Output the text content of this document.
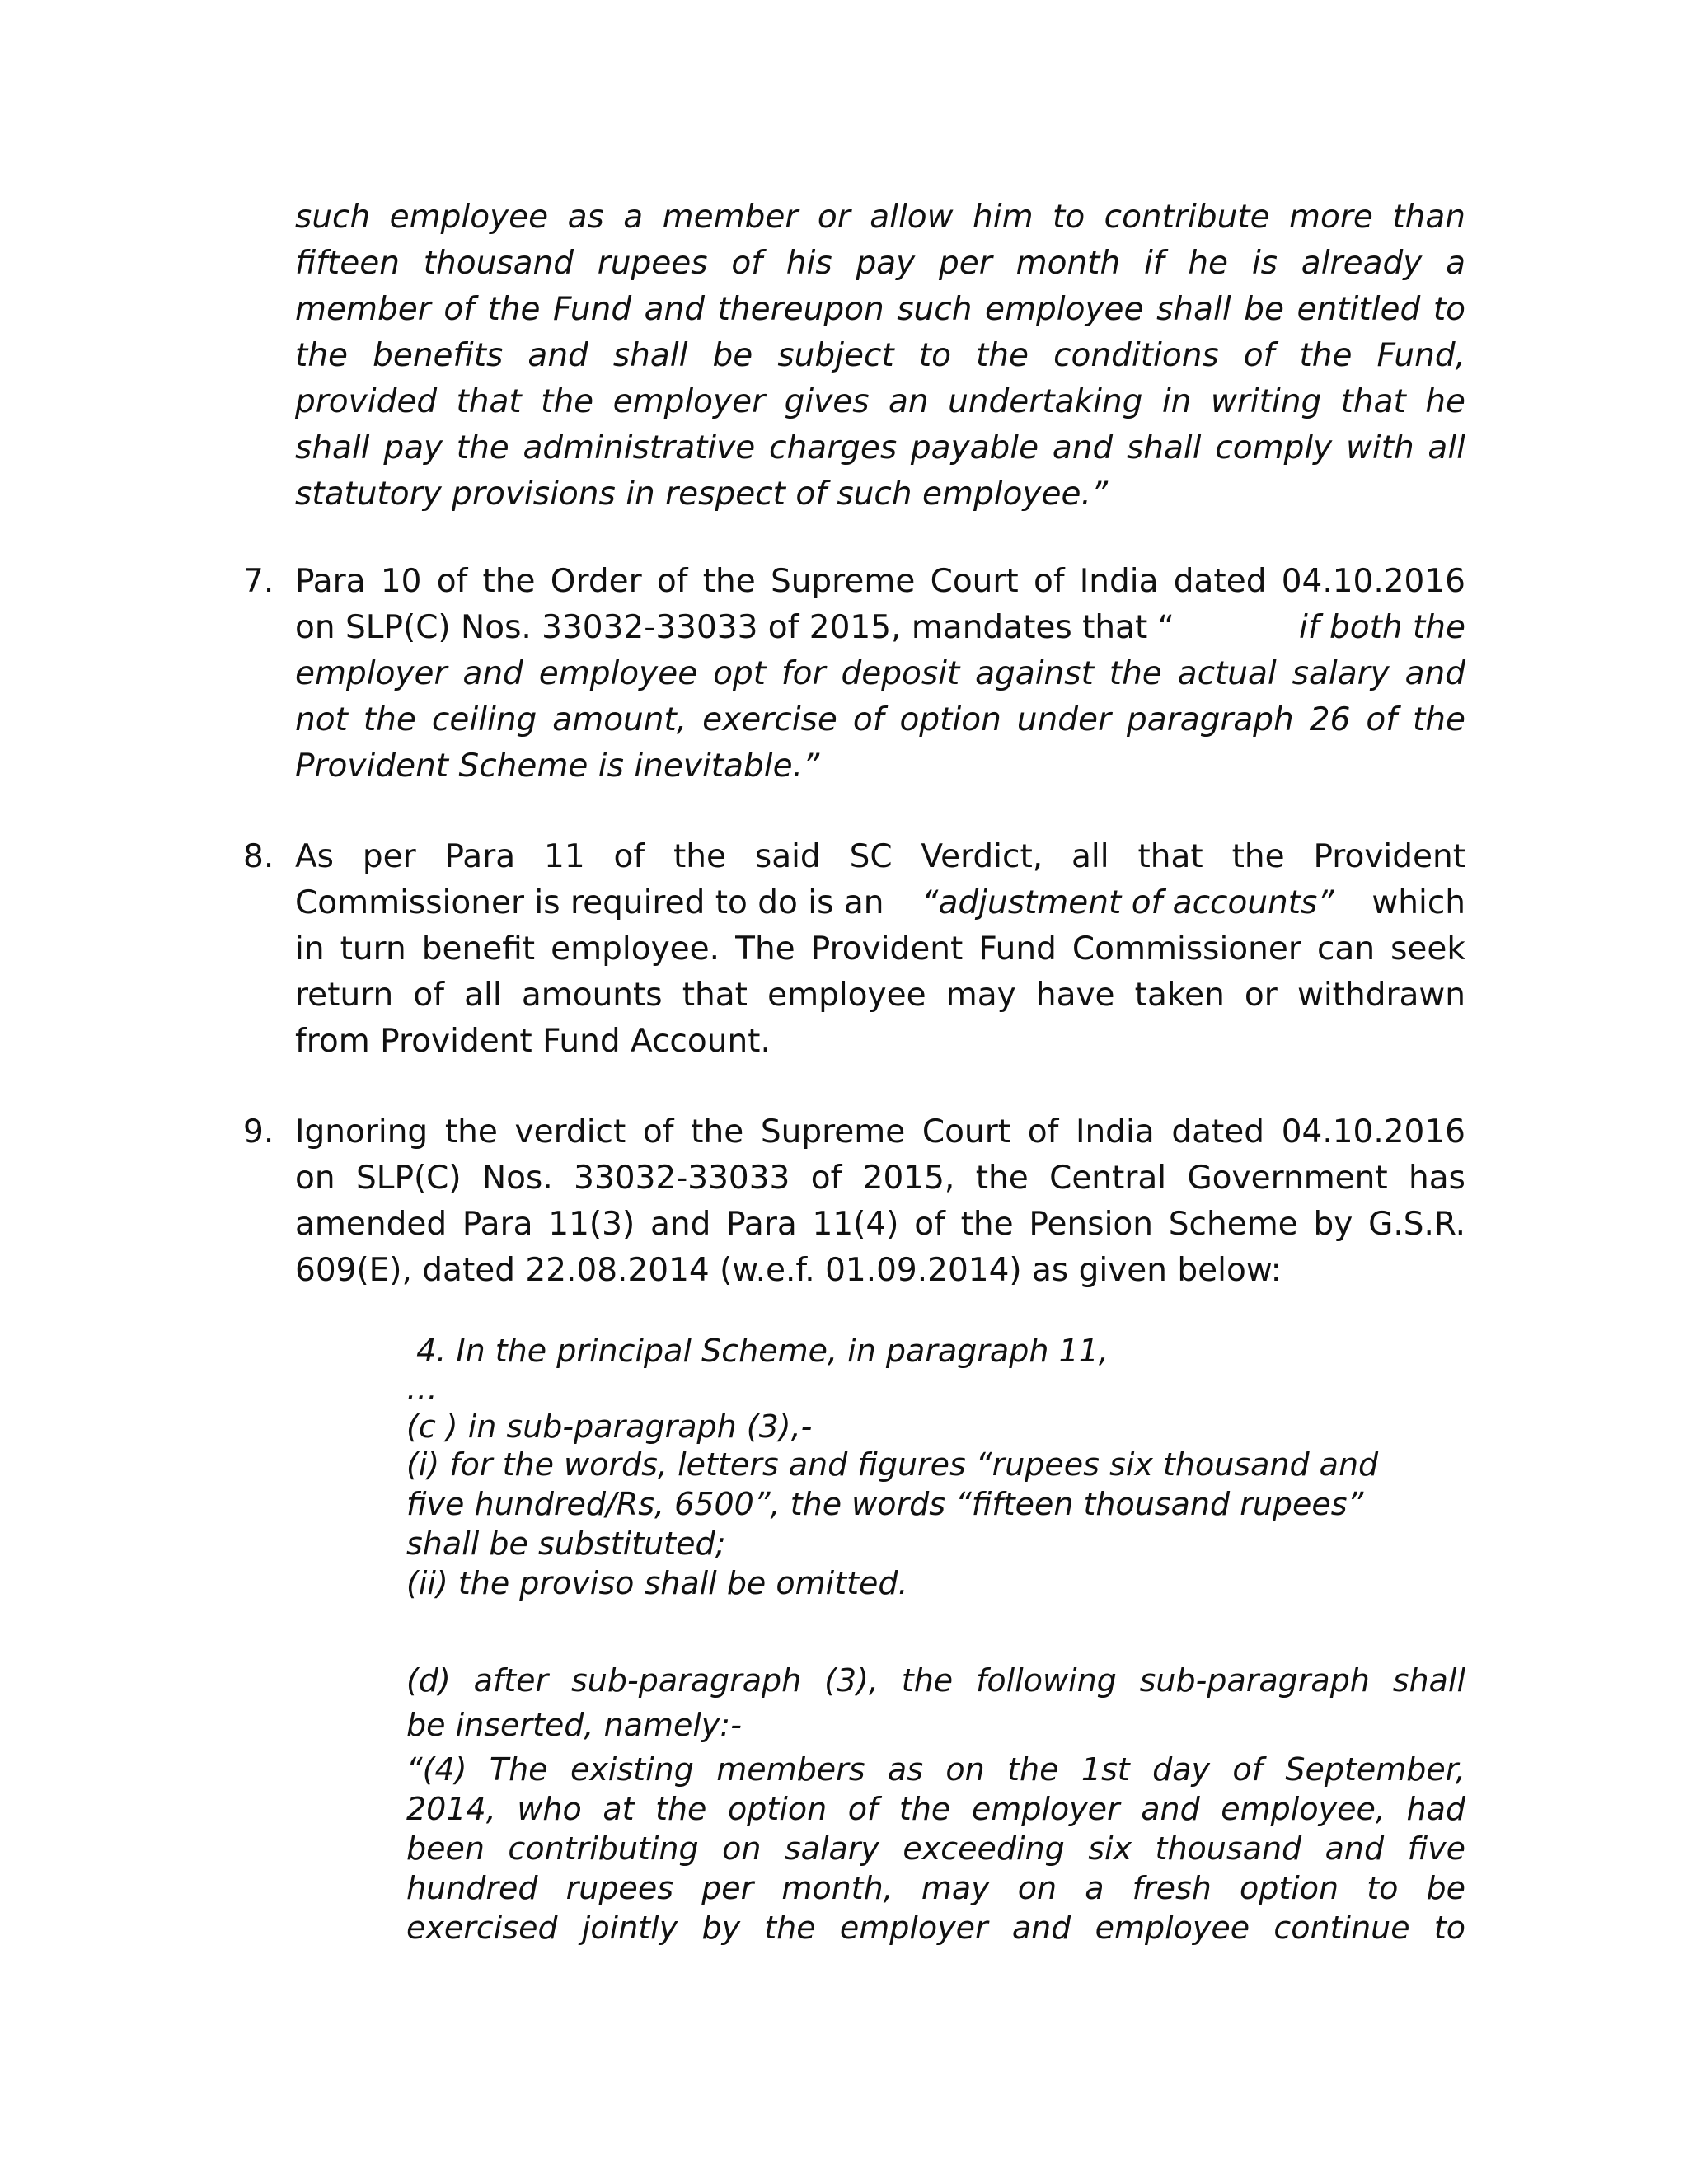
such employee as a member or allow him to contribute more than
fifteen thousand rupees of his pay per month if he is already a
member of the Fund and thereupon such employee shall be entitled to
the benefits and shall be subject to the conditions of the Fund,
provided that the employer gives an undertaking in writing that he
shall pay the administrative charges payable and shall comply with all
statutory provisions in respect of such employee.”
7. Para 10 of the Order of the Supreme Court of India dated 04.10.2016
on SLP(C) Nos. 33032-33033 of 2015, mandates that “	if both the
employer and employee opt for deposit against the actual salary and
not the ceiling amount, exercise of option under paragraph 26 of the
Provident Scheme is inevitable.”
8. As per Para 11 of the said SC Verdict, all that the Provident
Commissioner is required to do is an “adjustment of accounts” which
in turn benefit employee. The Provident Fund Commissioner can seek
return of all amounts that employee may have taken or withdrawn
from Provident Fund Account.
9. Ignoring the verdict of the Supreme Court of India dated 04.10.2016
on SLP(C) Nos. 33032-33033 of 2015, the Central Government has
amended Para 11(3) and Para 11(4) of the Pension Scheme by G.S.R.
609(E), dated 22.08.2014 (w.e.f. 01.09.2014) as given below:
4. In the principal Scheme, in paragraph 11,
…
(c ) in sub-paragraph (3),-
(i) for the words, letters and figures “rupees six thousand and
five hundred/Rs, 6500”, the words “fifteen thousand rupees”
shall be substituted;
(ii) the proviso shall be omitted.
(d) after sub-paragraph (3), the following sub-paragraph shall
be inserted, namely:-
“(4) The existing members as on the 1st day of September,
2014, who at the option of the employer and employee, had
been contributing on salary exceeding six thousand and five
hundred rupees per month, may on a fresh option to be
exercised jointly by the employer and employee continue to
